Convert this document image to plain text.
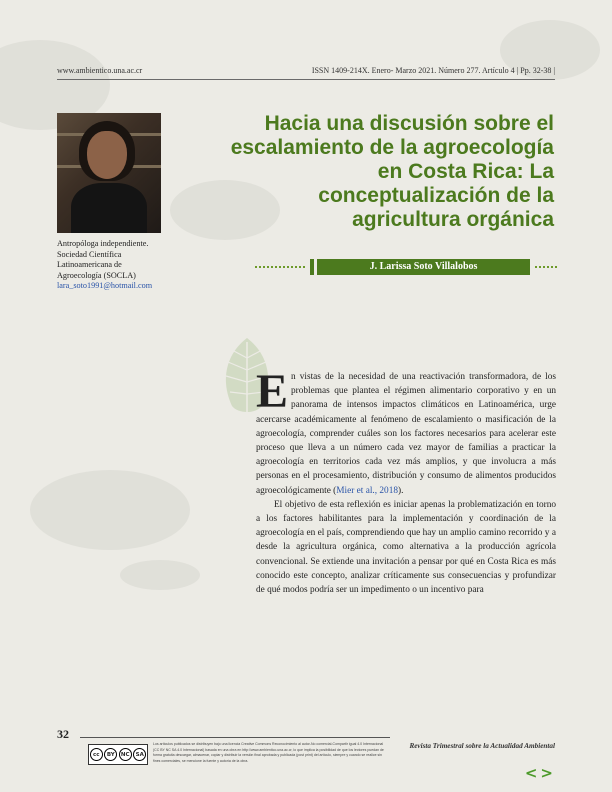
www.ambientico.una.ac.cr	ISSN 1409-214X. Enero- Marzo 2021. Número 277. Artículo 4 | Pp. 32-38 |
Antropóloga independiente.
Sociedad Científica
Latinoamericana de
Agroecología (SOCLA)
lara_soto1991@hotmail.com
Hacia una discusión sobre el escalamiento de la agroecología en Costa Rica: La conceptualización de la agricultura orgánica
J. Larissa Soto Villalobos

En vistas de la necesidad de una reactivación transformadora, de los problemas que plantea el régimen alimentario corporativo y en un panorama de intensos impactos climáticos en Latinoamérica, urge acercarse académicamente al fenómeno de escalamiento o masificación de la agroecología, comprender cuáles son los factores necesarios para acelerar este proceso que lleva a un número cada vez mayor de familias a practicar la agroecología en territorios cada vez más amplios, y que involucra a más personas en el procesamiento, distribución y consumo de alimentos producidos agroecológicamente (Mier et al., 2018).

El objetivo de esta reflexión es iniciar apenas la problematización en torno a los factores habilitantes para la implementación y coordinación de la agroecología en el país, comprendiendo que hay un amplio camino recorrido y a desde la agricultura orgánica, como alternativa a la producción agrícola convencional. Se extiende una invitación a pensar por qué en Costa Rica es más conocido este concepto, analizar críticamente sus consecuencias y profundizar de qué modos podría ser un impedimento o un incentivo para

32
cc	BY	NC	SA
Los artículos publicados se distribuyen bajo una licencia Creative Commons Reconocimiento al autor-No comercial-Compartir igual 4.0 Internacional (CC BY NC SA 4.0 Internacional) basada en una obra en http://www.ambientico.una.ac.cr, lo que implica la posibilidad de que los lectores puedan de forma gratuita descargar, almacenar, copiar y distribuir la versión final aprobada y publicada (post print) del artículo, siempre y cuando se realice sin fines comerciales, se mencione la fuente y autoría de la obra.
Revista Trimestral sobre la Actualidad Ambiental
<>
